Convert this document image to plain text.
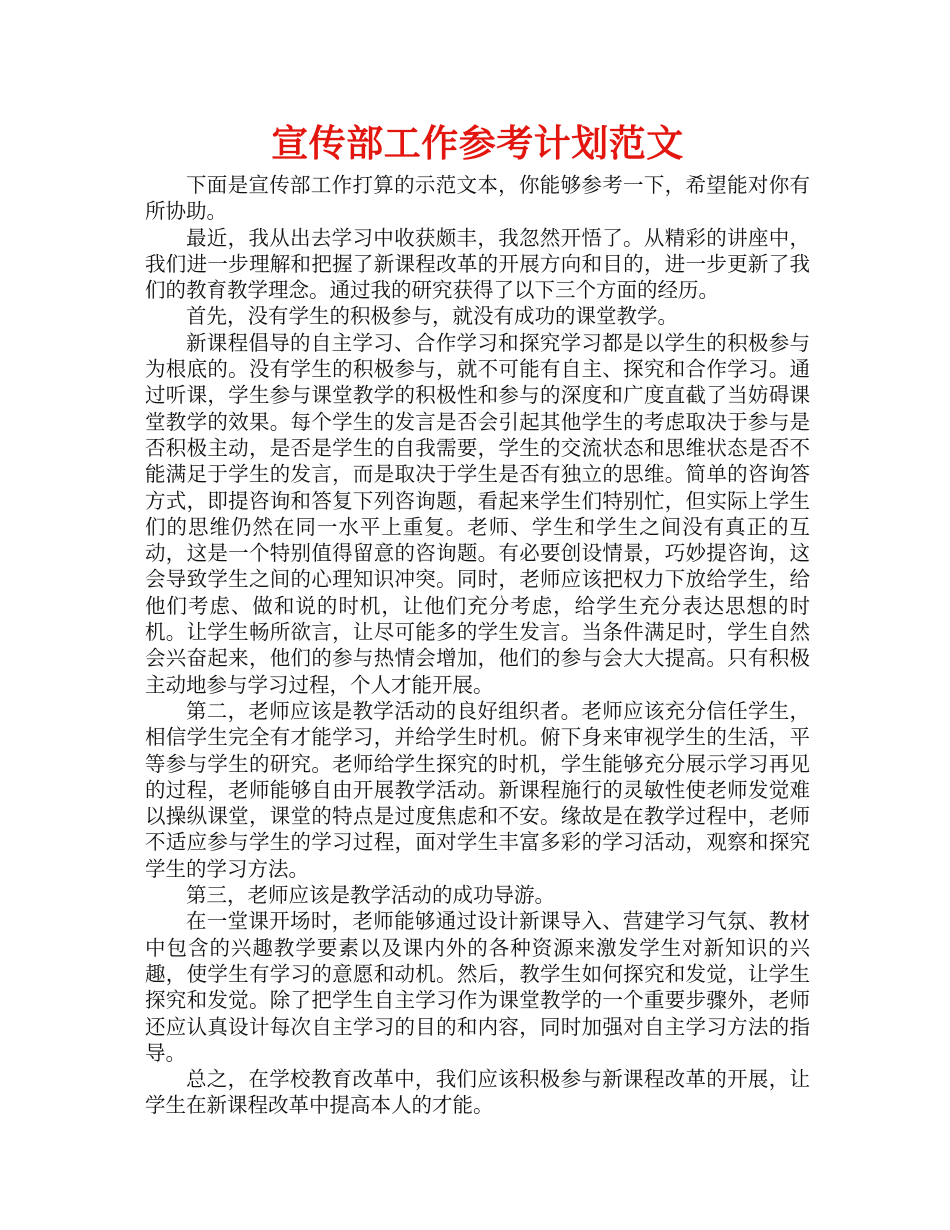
宣传部工作参考计划范文

下面是宣传部工作打算的示范文本，你能够参考一下，希望能对你有所协助。

最近，我从出去学习中收获颇丰，我忽然开悟了。从精彩的讲座中，我们进一步理解和把握了新课程改革的开展方向和目的，进一步更新了我们的教育教学理念。通过我的研究获得了以下三个方面的经历。

首先，没有学生的积极参与，就没有成功的课堂教学。

新课程倡导的自主学习、合作学习和探究学习都是以学生的积极参与为根底的。没有学生的积极参与，就不可能有自主、探究和合作学习。通过听课，学生参与课堂教学的积极性和参与的深度和广度直截了当妨碍课堂教学的效果。每个学生的发言是否会引起其他学生的考虑取决于参与是否积极主动，是否是学生的自我需要，学生的交流状态和思维状态是否不能满足于学生的发言，而是取决于学生是否有独立的思维。简单的咨询答方式，即提咨询和答复下列咨询题，看起来学生们特别忙，但实际上学生们的思维仍然在同一水平上重复。老师、学生和学生之间没有真正的互动，这是一个特别值得留意的咨询题。有必要创设情景，巧妙提咨询，这会导致学生之间的心理知识冲突。同时，老师应该把权力下放给学生，给他们考虑、做和说的时机，让他们充分考虑，给学生充分表达思想的时机。让学生畅所欲言，让尽可能多的学生发言。当条件满足时，学生自然会兴奋起来，他们的参与热情会增加，他们的参与会大大提高。只有积极主动地参与学习过程，个人才能开展。

第二，老师应该是教学活动的良好组织者。老师应该充分信任学生，相信学生完全有才能学习，并给学生时机。俯下身来审视学生的生活，平等参与学生的研究。老师给学生探究的时机，学生能够充分展示学习再见的过程，老师能够自由开展教学活动。新课程施行的灵敏性使老师发觉难以操纵课堂，课堂的特点是过度焦虑和不安。缘故是在教学过程中，老师不适应参与学生的学习过程，面对学生丰富多彩的学习活动，观察和探究学生的学习方法。

第三，老师应该是教学活动的成功导游。

在一堂课开场时，老师能够通过设计新课导入、营建学习气氛、教材中包含的兴趣教学要素以及课内外的各种资源来激发学生对新知识的兴趣，使学生有学习的意愿和动机。然后，教学生如何探究和发觉，让学生探究和发觉。除了把学生自主学习作为课堂教学的一个重要步骤外，老师还应认真设计每次自主学习的目的和内容，同时加强对自主学习方法的指导。

总之，在学校教育改革中，我们应该积极参与新课程改革的开展，让学生在新课程改革中提高本人的才能。
